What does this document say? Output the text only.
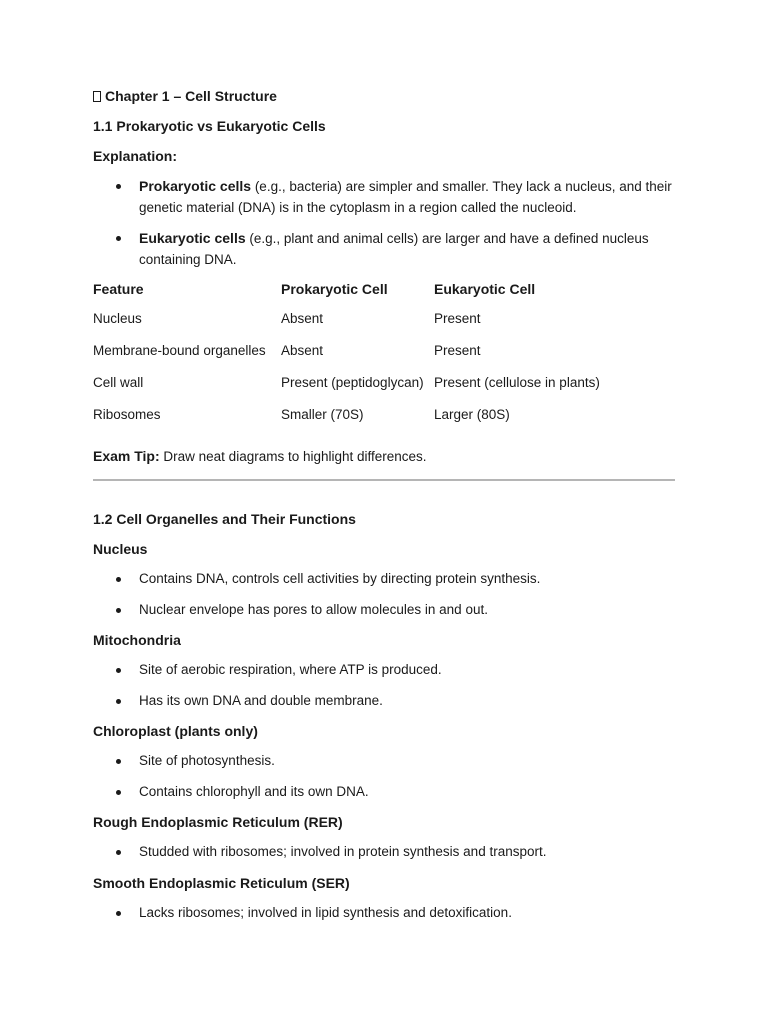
Chapter 1 – Cell Structure
1.1 Prokaryotic vs Eukaryotic Cells
Explanation:
Prokaryotic cells (e.g., bacteria) are simpler and smaller. They lack a nucleus, and their genetic material (DNA) is in the cytoplasm in a region called the nucleoid.
Eukaryotic cells (e.g., plant and animal cells) are larger and have a defined nucleus containing DNA.
Feature	Prokaryotic Cell	Eukaryotic Cell
Nucleus	Absent	Present
Membrane-bound organelles	Absent	Present
Cell wall	Present (peptidoglycan)	Present (cellulose in plants)
Ribosomes	Smaller (70S)	Larger (80S)
Exam Tip: Draw neat diagrams to highlight differences.
1.2 Cell Organelles and Their Functions
Nucleus
Contains DNA, controls cell activities by directing protein synthesis.
Nuclear envelope has pores to allow molecules in and out.
Mitochondria
Site of aerobic respiration, where ATP is produced.
Has its own DNA and double membrane.
Chloroplast (plants only)
Site of photosynthesis.
Contains chlorophyll and its own DNA.
Rough Endoplasmic Reticulum (RER)
Studded with ribosomes; involved in protein synthesis and transport.
Smooth Endoplasmic Reticulum (SER)
Lacks ribosomes; involved in lipid synthesis and detoxification.
